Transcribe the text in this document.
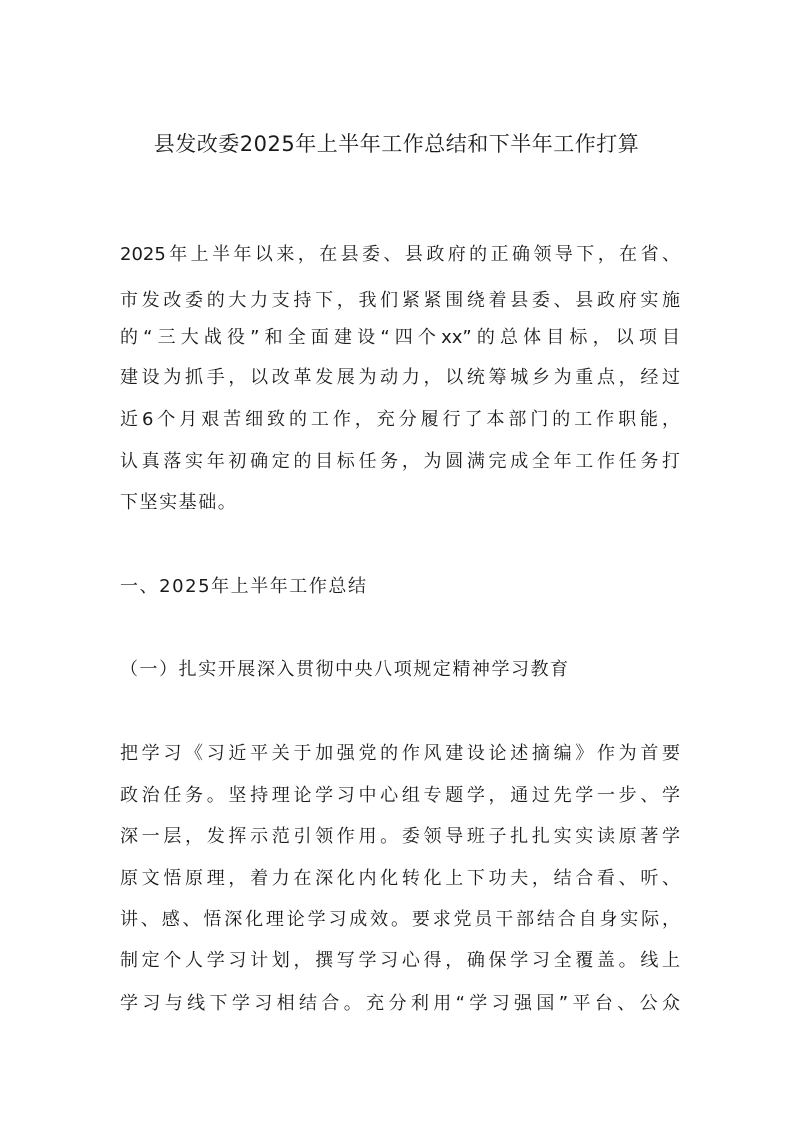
县发改委2025年上半年工作总结和下半年工作打算

2025年上半年以来，在县委、县政府的正确领导下，在省、

市发改委的大力支持下，我们紧紧围绕着县委、县政府实施

的“三大战役”和全面建设“四个xx”的总体目标，以项目

建设为抓手，以改革发展为动力，以统筹城乡为重点，经过

近6个月艰苦细致的工作，充分履行了本部门的工作职能，

认真落实年初确定的目标任务，为圆满完成全年工作任务打

下坚实基础。

一、2025年上半年工作总结

（一）扎实开展深入贯彻中央八项规定精神学习教育

把学习《习近平关于加强党的作风建设论述摘编》作为首要

政治任务。坚持理论学习中心组专题学，通过先学一步、学

深一层，发挥示范引领作用。委领导班子扎扎实实读原著学

原文悟原理，着力在深化内化转化上下功夫，结合看、听、

讲、感、悟深化理论学习成效。要求党员干部结合自身实际，

制定个人学习计划，撰写学习心得，确保学习全覆盖。线上

学习与线下学习相结合。充分利用“学习强国”平台、公众
